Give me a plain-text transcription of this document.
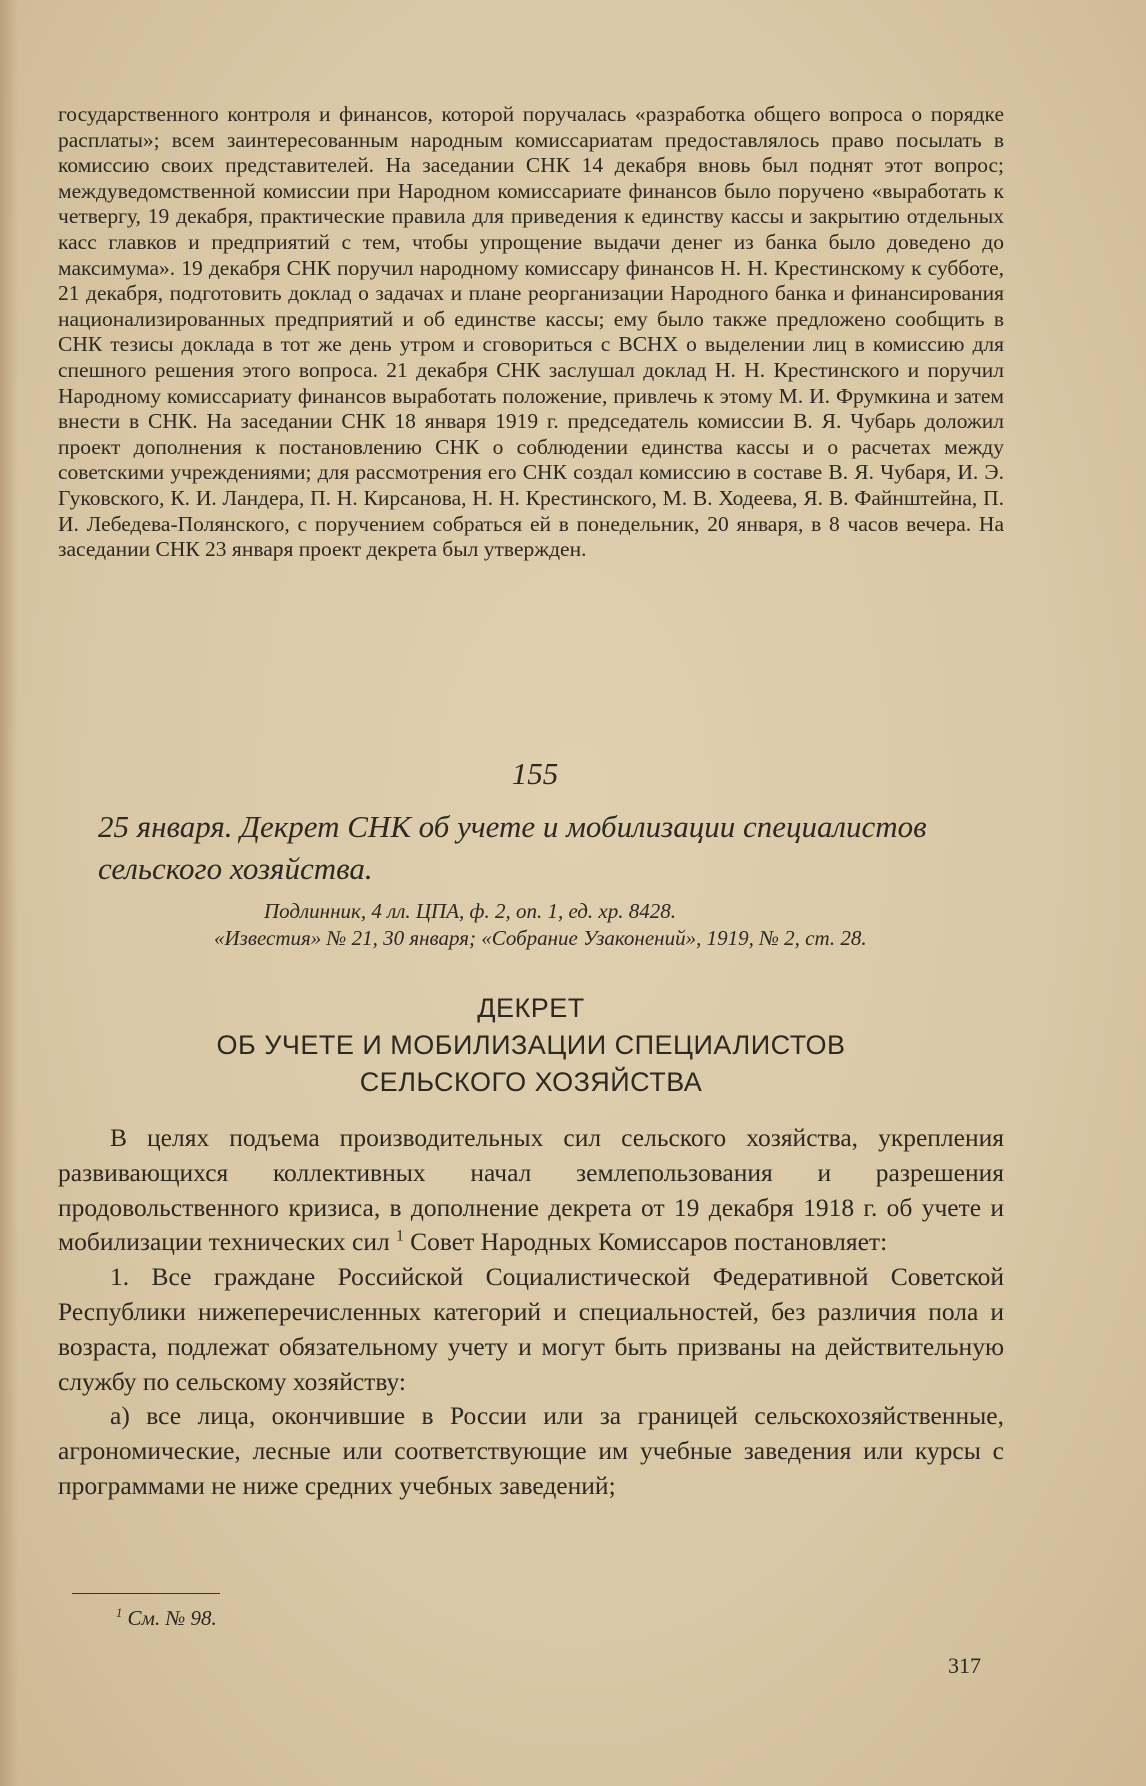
государственного контроля и финансов, которой поручалась «разработка общего вопроса о порядке расплаты»; всем заинтересованным народным комиссариатам предоставлялось право посылать в комиссию своих представителей. На заседании СНК 14 декабря вновь был поднят этот вопрос; междуведомственной комиссии при Народном комиссариате финансов было поручено «выработать к четвергу, 19 декабря, практические правила для приведения к единству кассы и закрытию отдельных касс главков и предприятий с тем, чтобы упрощение выдачи денег из банка было доведено до максимума». 19 декабря СНК поручил народному комиссару финансов Н. Н. Крестинскому к субботе, 21 декабря, подготовить доклад о задачах и плане реорганизации Народного банка и финансирования национализированных предприятий и об единстве кассы; ему было также предложено сообщить в СНК тезисы доклада в тот же день утром и сговориться с ВСНХ о выделении лиц в комиссию для спешного решения этого вопроса. 21 декабря СНК заслушал доклад Н. Н. Крестинского и поручил Народному комиссариату финансов выработать положение, привлечь к этому М. И. Фрумкина и затем внести в СНК. На заседании СНК 18 января 1919 г. председатель комиссии В. Я. Чубарь доложил проект дополнения к постановлению СНК о соблюдении единства кассы и о расчетах между советскими учреждениями; для рассмотрения его СНК создал комиссию в составе В. Я. Чубаря, И. Э. Гуковского, К. И. Ландера, П. Н. Кирсанова, Н. Н. Крестинского, М. В. Ходеева, Я. В. Файнштейна, П. И. Лебедева-Полянского, с поручением собраться ей в понедельник, 20 января, в 8 часов вечера. На заседании СНК 23 января проект декрета был утвержден.

155
25 января. Декрет СНК об учете и мобилизации специалистов сельского хозяйства.
Подлинник, 4 лл. ЦПА, ф. 2, оп. 1, ед. хр. 8428.
«Известия» № 21, 30 января; «Собрание Узаконений», 1919, № 2, ст. 28.
ДЕКРЕТ
ОБ УЧЕТЕ И МОБИЛИЗАЦИИ СПЕЦИАЛИСТОВ
СЕЛЬСКОГО ХОЗЯЙСТВА

В целях подъема производительных сил сельского хозяйства, укрепления развивающихся коллективных начал землепользования и разрешения продовольственного кризиса, в дополнение декрета от 19 декабря 1918 г. об учете и мобилизации технических сил $^1$ Совет Народных Комиссаров постановляет:

1. Все граждане Российской Социалистической Федеративной Советской Республики нижеперечисленных категорий и специальностей, без различия пола и возраста, подлежат обязательному учету и могут быть призваны на действительную службу по сельскому хозяйству:

а) все лица, окончившие в России или за границей сельскохозяйственные, агрономические, лесные или соответствующие им учебные заведения или курсы с программами не ниже средних учебных заведений;

$^1$ См. № 98.
317
